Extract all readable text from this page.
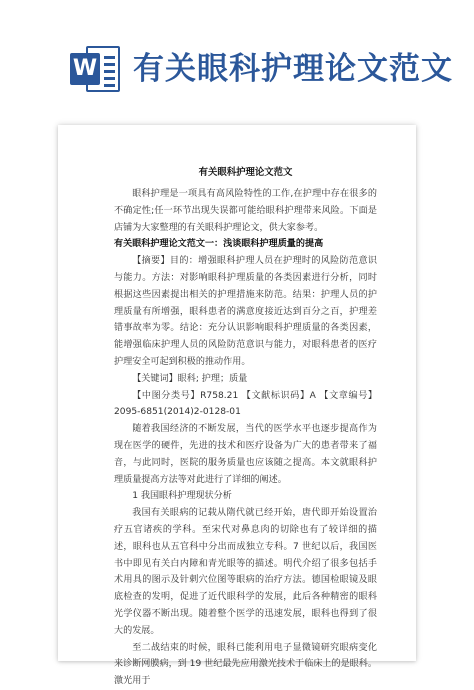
W 有关眼科护理论文范文
有关眼科护理论文范文

眼科护理是一项具有高风险特性的工作,在护理中存在很多的不确定性;任一环节出现失误都可能给眼科护理带来风险。下面是店铺为大家整理的有关眼科护理论文，供大家参考。

有关眼科护理论文范文一：浅谈眼科护理质量的提高

【摘要】目的：增强眼科护理人员在护理时的风险防范意识与能力。方法：对影响眼科护理质量的各类因素进行分析，同时根据这些因素提出相关的护理措施来防范。结果：护理人员的护理质量有所增强，眼科患者的满意度接近达到百分之百，护理差错事故率为零。结论：充分认识影响眼科护理质量的各类因素，能增强临床护理人员的风险防范意识与能力，对眼科患者的医疗护理安全可起到积极的推动作用。

【关键词】眼科; 护理；质量

【中图分类号】R758.21 【文献标识码】A 【文章编号】2095-6851(2014)2-0128-01

随着我国经济的不断发展，当代的医学水平也逐步提高作为现在医学的硬件，先进的技术和医疗设备为广大的患者带来了福音，与此同时，医院的服务质量也应该随之提高。本文就眼科护理质量提高方法等对此进行了详细的阐述。

1 我国眼科护理现状分析

我国有关眼病的记载从隋代就已经开始，唐代即开始设置治疗五官诸疾的学科。至宋代对鼻息肉的切除也有了较详细的描述，眼科也从五官科中分出而成独立专科。7 世纪以后，我国医书中即见有关白内障和青光眼等的描述。明代介绍了很多包括手术用具的图示及针剌穴位图等眼病的治疗方法。德国检眼镜及眼底检查的发明，促进了近代眼科学的发展，此后各种精密的眼科光学仪器不断出现。随着整个医学的迅速发展，眼科也得到了很大的发展。

至二战结束的时候，眼科已能利用电子显微镜研究眼病变化来诊断网膜病，到 19 世纪最先应用激光技术于临床上的是眼科。 激光用于
